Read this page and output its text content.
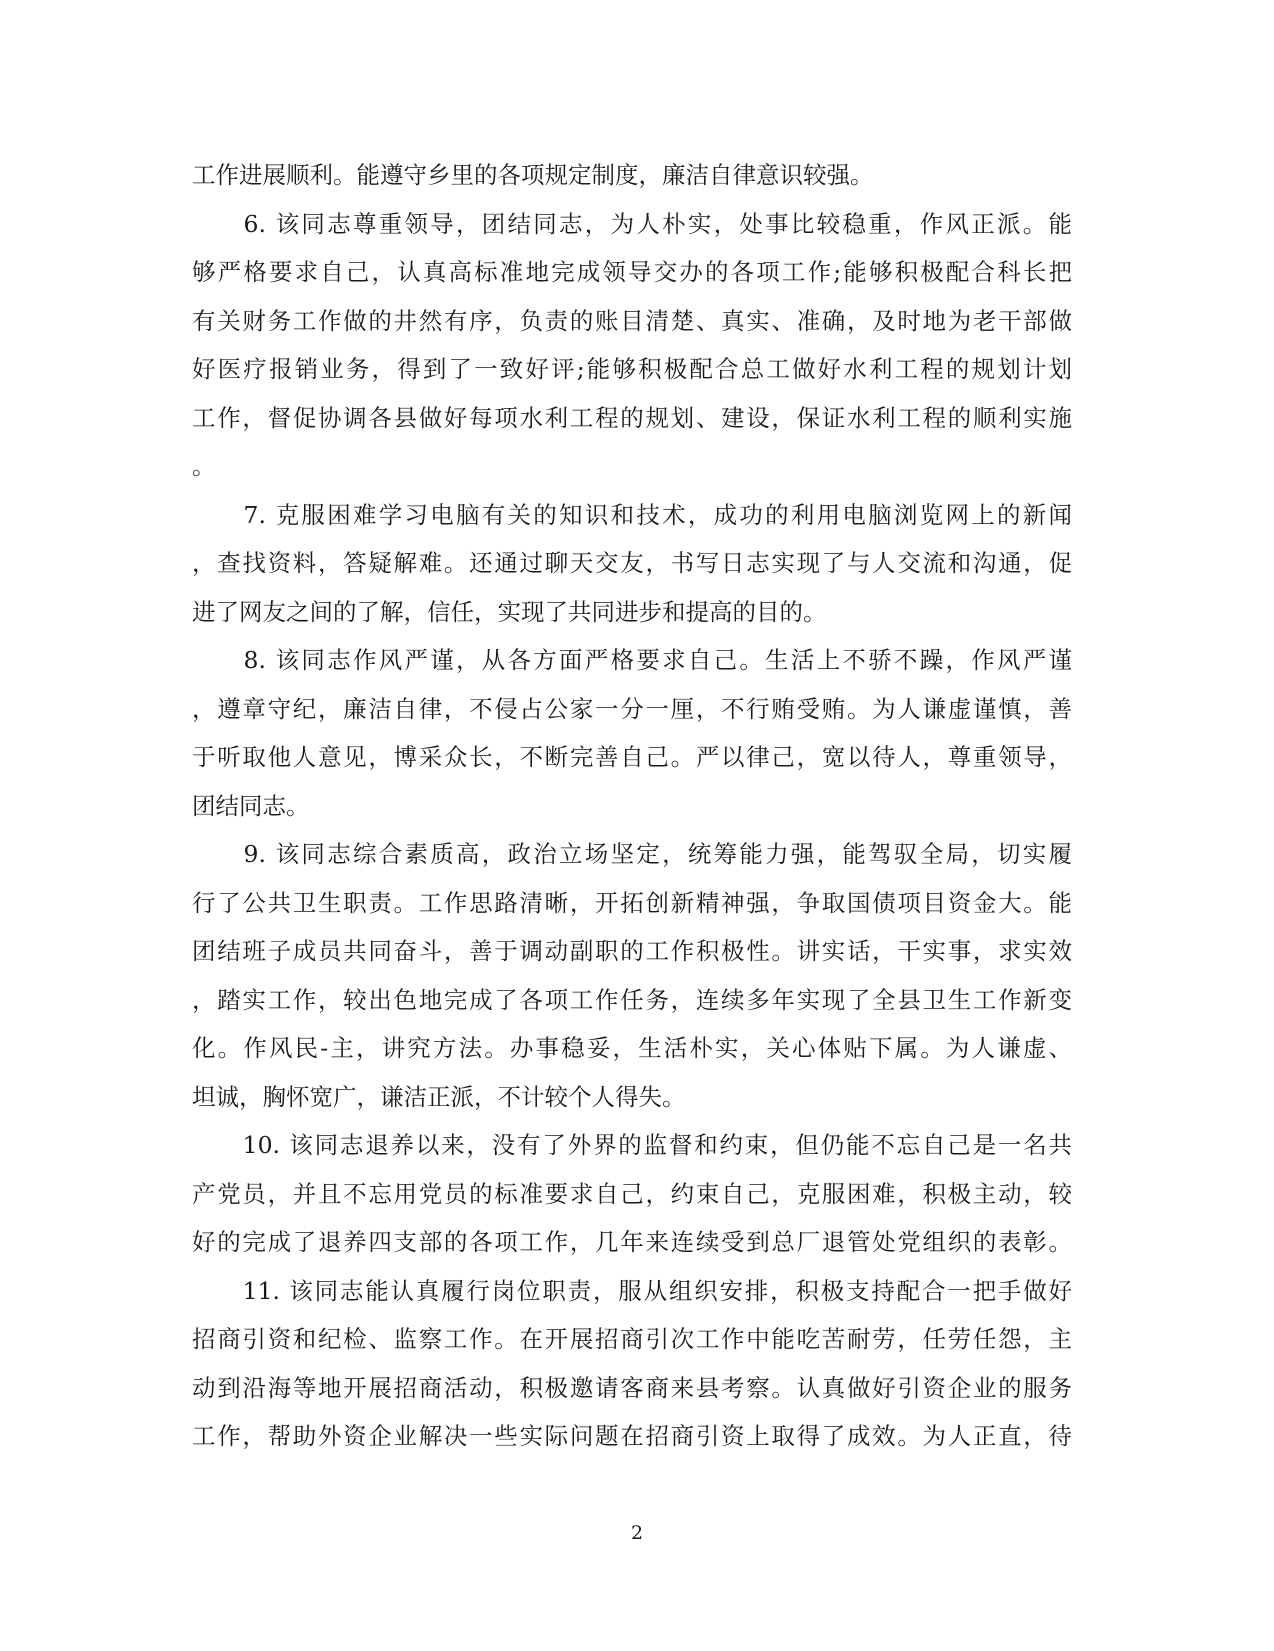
工作进展顺利。能遵守乡里的各项规定制度，廉洁自律意识较强。
　　6. 该同志尊重领导，团结同志，为人朴实，处事比较稳重，作风正派。能
够严格要求自己，认真高标准地完成领导交办的各项工作;能够积极配合科长把
有关财务工作做的井然有序，负责的账目清楚、真实、准确，及时地为老干部做
好医疗报销业务，得到了一致好评;能够积极配合总工做好水利工程的规划计划
工作，督促协调各县做好每项水利工程的规划、建设，保证水利工程的顺利实施
。
　　7. 克服困难学习电脑有关的知识和技术，成功的利用电脑浏览网上的新闻
，查找资料，答疑解难。还通过聊天交友，书写日志实现了与人交流和沟通，促
进了网友之间的了解，信任，实现了共同进步和提高的目的。
　　8. 该同志作风严谨，从各方面严格要求自己。生活上不骄不躁，作风严谨
，遵章守纪，廉洁自律，不侵占公家一分一厘，不行贿受贿。为人谦虚谨慎，善
于听取他人意见，博采众长，不断完善自己。严以律己，宽以待人，尊重领导，
团结同志。
　　9. 该同志综合素质高，政治立场坚定，统筹能力强，能驾驭全局，切实履
行了公共卫生职责。工作思路清晰，开拓创新精神强，争取国债项目资金大。能
团结班子成员共同奋斗，善于调动副职的工作积极性。讲实话，干实事，求实效
，踏实工作，较出色地完成了各项工作任务，连续多年实现了全县卫生工作新变
化。作风民-主，讲究方法。办事稳妥，生活朴实，关心体贴下属。为人谦虚、
坦诚，胸怀宽广，谦洁正派，不计较个人得失。
　　10. 该同志退养以来，没有了外界的监督和约束，但仍能不忘自己是一名共
产党员，并且不忘用党员的标准要求自己，约束自己，克服困难，积极主动，较
好的完成了退养四支部的各项工作，几年来连续受到总厂退管处党组织的表彰。
　　11. 该同志能认真履行岗位职责，服从组织安排，积极支持配合一把手做好
招商引资和纪检、监察工作。在开展招商引次工作中能吃苦耐劳，任劳任怨，主
动到沿海等地开展招商活动，积极邀请客商来县考察。认真做好引资企业的服务
工作，帮助外资企业解决一些实际问题在招商引资上取得了成效。为人正直，待
2
